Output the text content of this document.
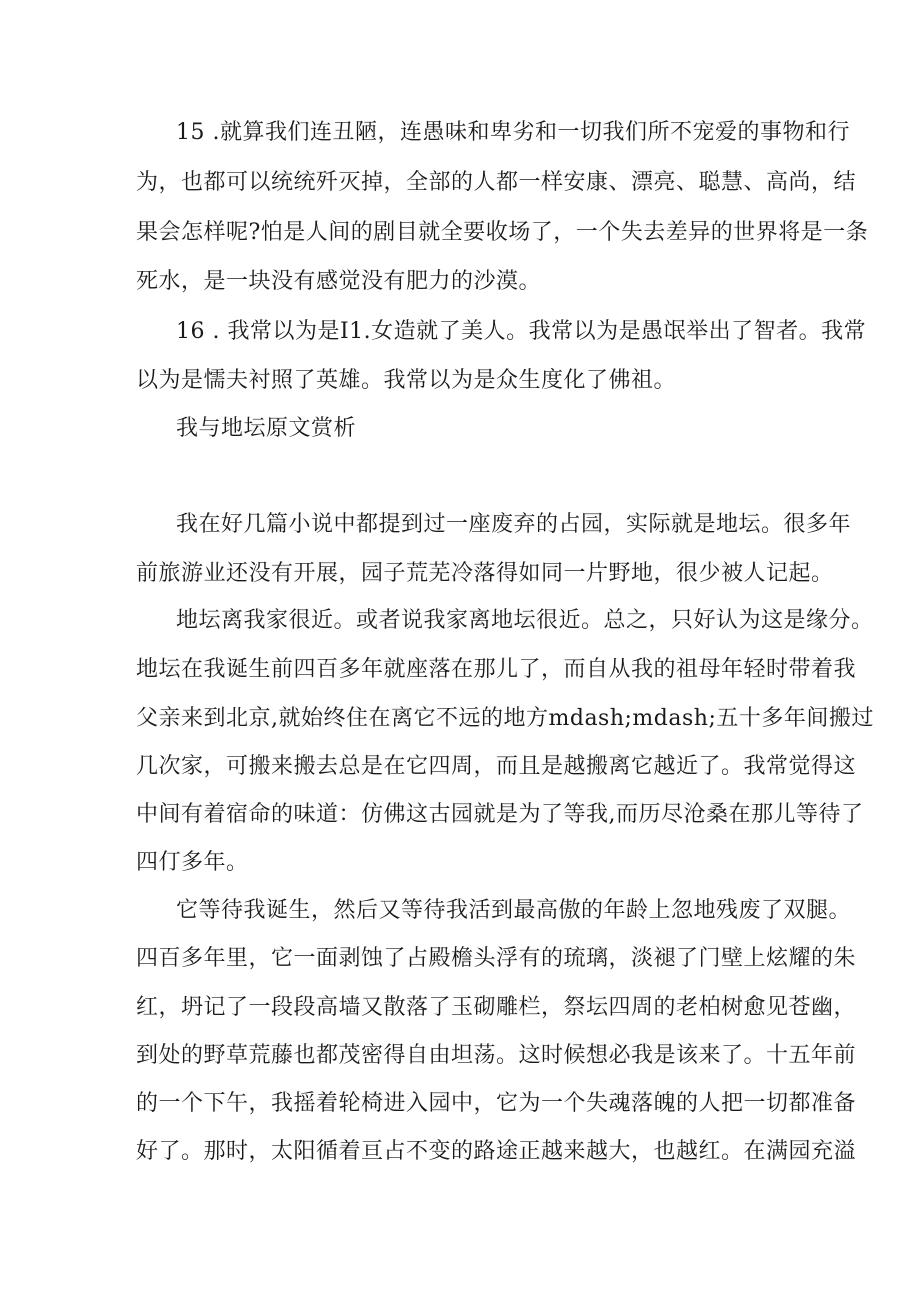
15 .就算我们连丑陋，连愚味和卑劣和一切我们所不宠爱的事物和行
为，也都可以统统歼灭掉，全部的人都一样安康、漂亮、聪慧、高尚，结
果会怎样呢?怕是人间的剧目就全要收场了，一个失去差异的世界将是一条
死水，是一块没有感觉没有肥力的沙漠。
16 . 我常以为是I1.女造就了美人。我常以为是愚氓举出了智者。我常
以为是懦夫衬照了英雄。我常以为是众生度化了佛祖。
我与地坛原文赏析
我在好几篇小说中都提到过一座废弃的占园，实际就是地坛。很多年
前旅游业还没有开展，园子荒芜冷落得如同一片野地，很少被人记起。
地坛离我家很近。或者说我家离地坛很近。总之，只好认为这是缘分。
地坛在我诞生前四百多年就座落在那儿了，而自从我的祖母年轻时带着我
父亲来到北京,就始终住在离它不远的地方mdash;mdash;五十多年间搬过
几次家，可搬来搬去总是在它四周，而且是越搬离它越近了。我常觉得这
中间有着宿命的味道：仿佛这古园就是为了等我,而历尽沧桑在那儿等待了
四仃多年。
它等待我诞生，然后又等待我活到最高傲的年龄上忽地残废了双腿。
四百多年里，它一面剥蚀了占殿檐头浮有的琉璃，淡褪了门壁上炫耀的朱
红，坍记了一段段高墙又散落了玉砌雕栏，祭坛四周的老柏树愈见苍幽，
到处的野草荒藤也都茂密得自由坦荡。这时候想必我是该来了。十五年前
的一个下午，我摇着轮椅进入园中，它为一个失魂落魄的人把一切都准备
好了。那时，太阳循着亘占不变的路途正越来越大，也越红。在满园充溢
